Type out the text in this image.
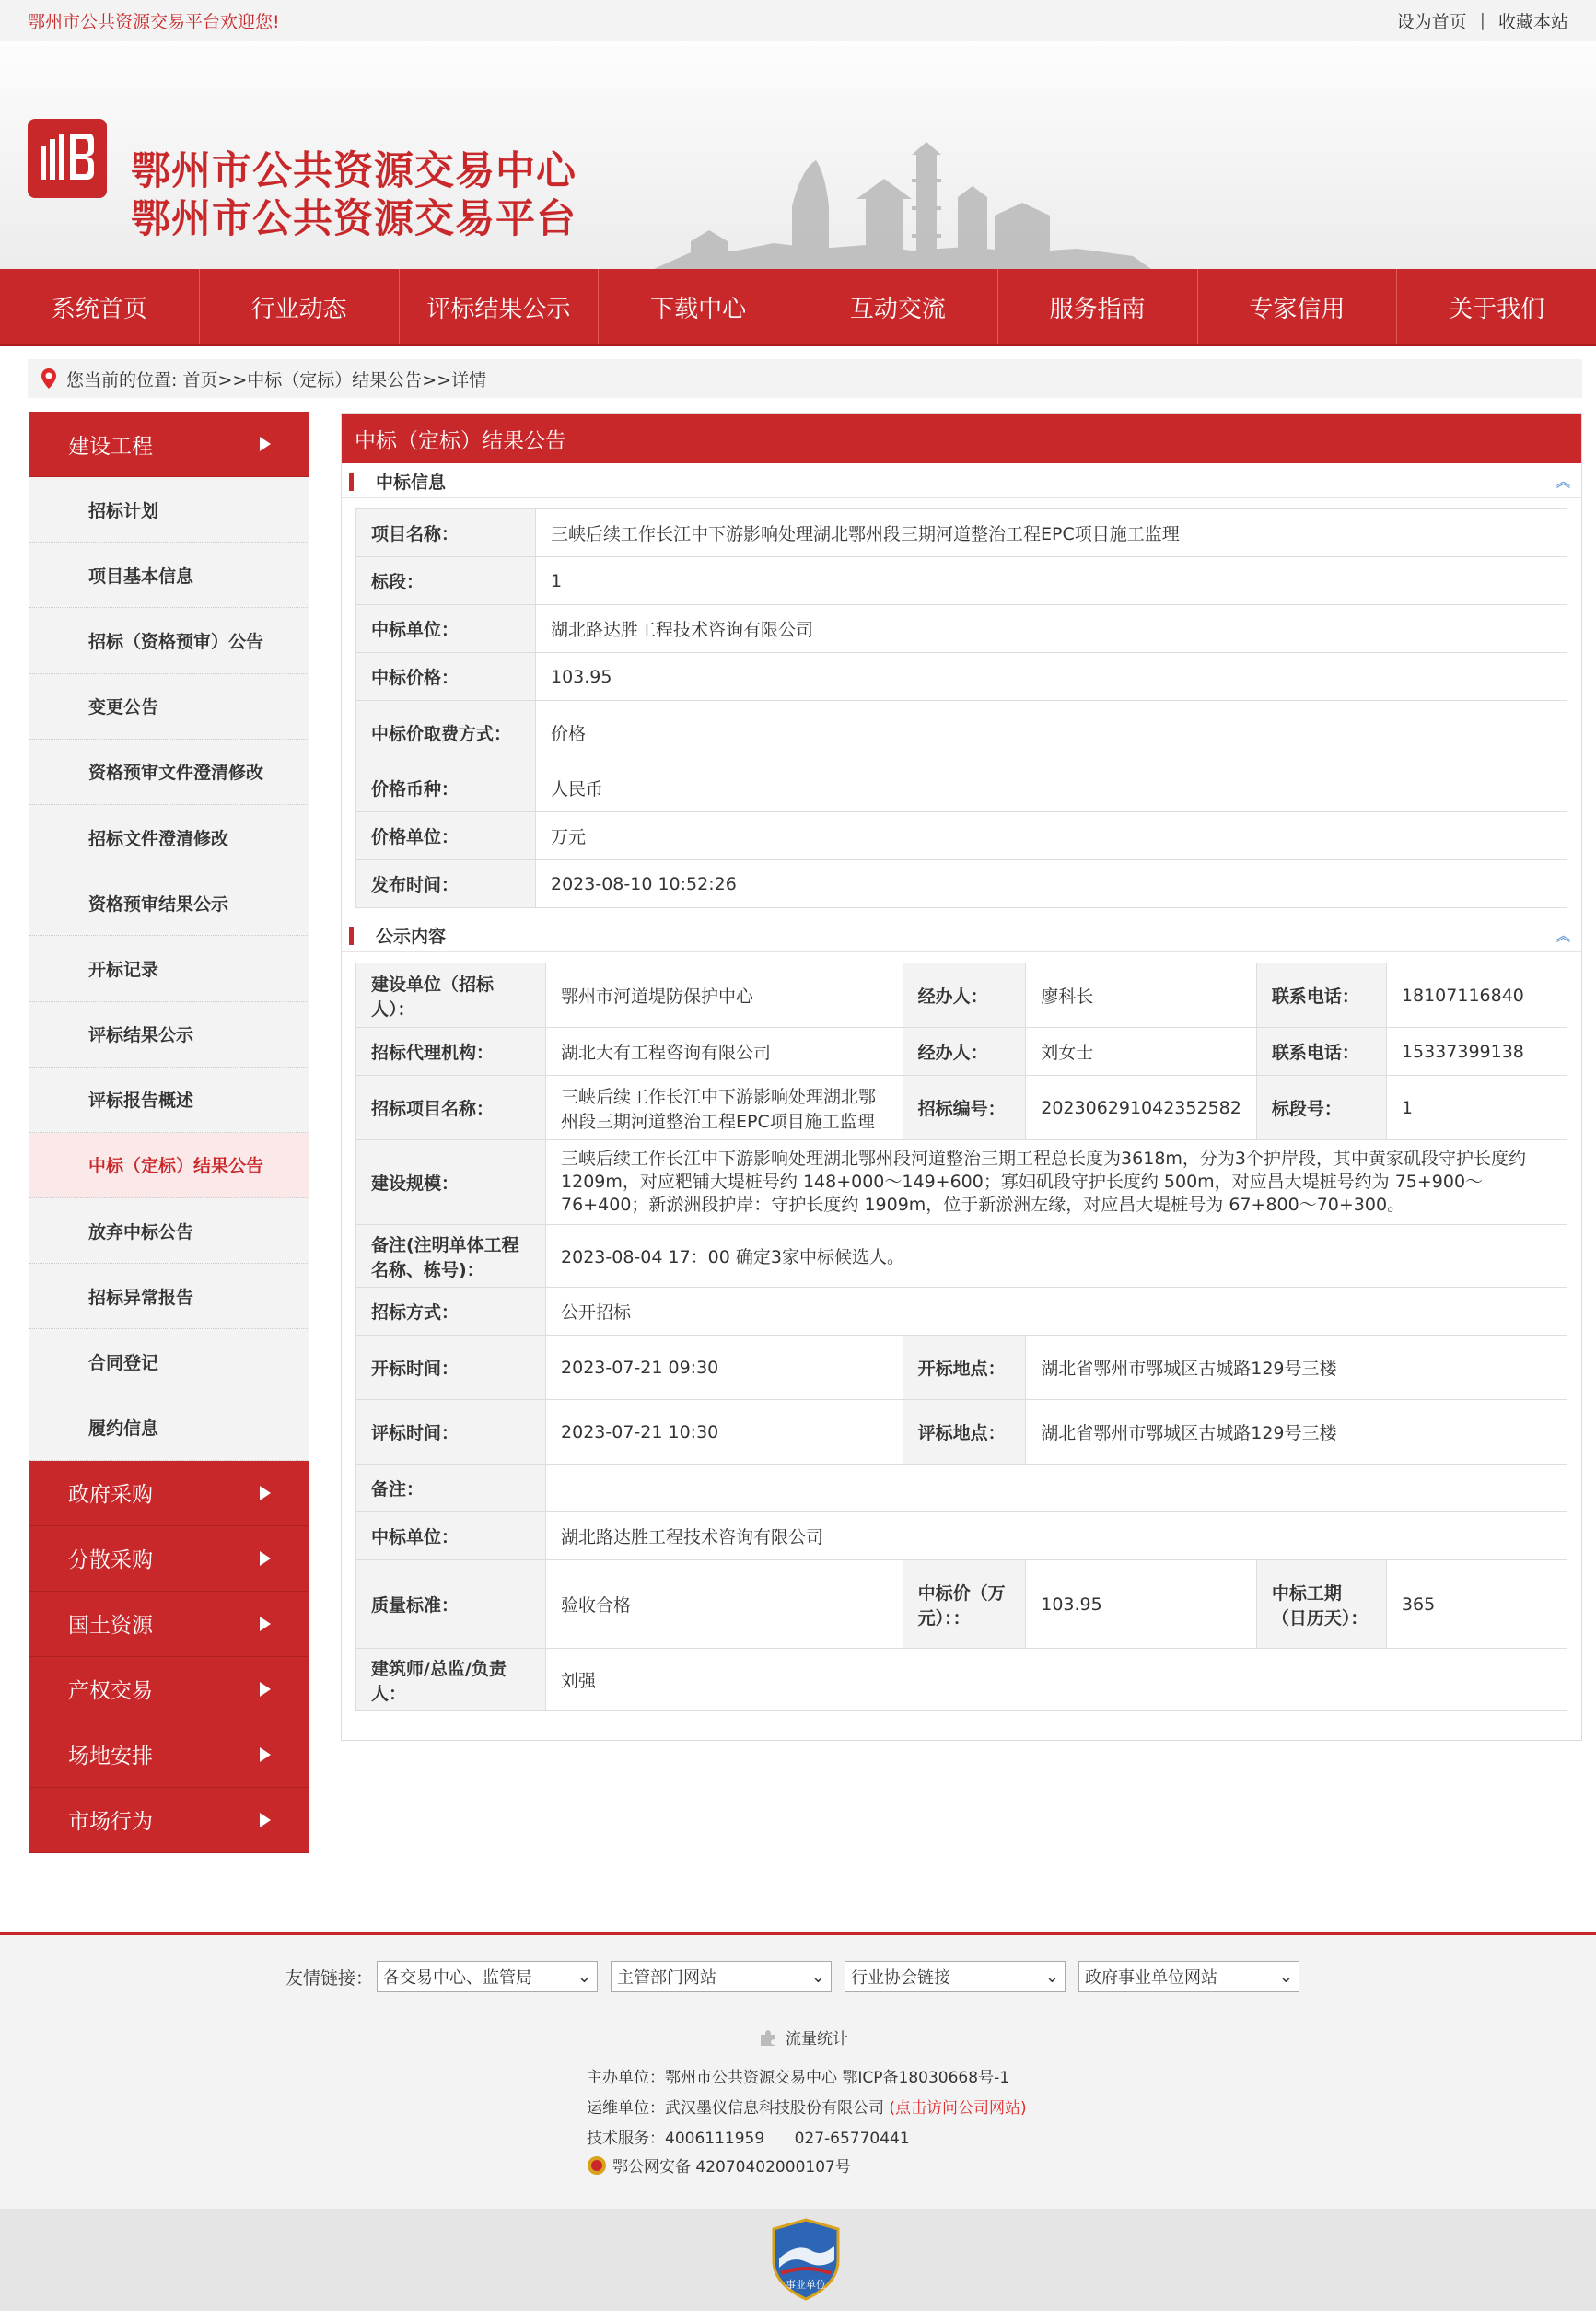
鄂州市公共资源交易平台欢迎您!	设为首页 | 收藏本站
鄂州市公共资源交易中心
鄂州市公共资源交易平台
系统首页	行业动态	评标结果公示	下载中心	互动交流	服务指南	专家信用	关于我们
您当前的位置: 首页>>中标（定标）结果公告>>详情
建设工程
招标计划
项目基本信息
招标（资格预审）公告
变更公告
资格预审文件澄清修改
招标文件澄清修改
资格预审结果公示
开标记录
评标结果公示
评标报告概述
中标（定标）结果公告
放弃中标公告
招标异常报告
合同登记
履约信息
政府采购
分散采购
国土资源
产权交易
场地安排
市场行为
中标（定标）结果公告
中标信息	︽
项目名称：	三峡后续工作长江中下游影响处理湖北鄂州段三期河道整治工程EPC项目施工监理
标段：	1
中标单位：	湖北路达胜工程技术咨询有限公司
中标价格：	103.95
中标价取费方式：	价格
价格币种：	人民币
价格单位：	万元
发布时间：	2023-08-10 10:52:26
公示内容	︽
建设单位（招标人）：	鄂州市河道堤防保护中心	经办人：	廖科长	联系电话：	18107116840
招标代理机构：	湖北大有工程咨询有限公司	经办人：	刘女士	联系电话：	15337399138
招标项目名称：	三峡后续工作长江中下游影响处理湖北鄂州段三期河道整治工程EPC项目施工监理	招标编号：	202306291042352582	标段号：	1
建设规模：	三峡后续工作长江中下游影响处理湖北鄂州段河道整治三期工程总长度为3618m，分为3个护岸段，其中黄家矶段守护长度约 1209m，对应粑铺大堤桩号约 148+000～149+600；寡妇矶段守护长度约 500m，对应昌大堤桩号约为 75+900～76+400；新淤洲段护岸：守护长度约 1909m，位于新淤洲左缘，对应昌大堤桩号为 67+800～70+300。				
备注(注明单体工程名称、栋号)：	2023-08-04 17：00 确定3家中标候选人。				
招标方式：	公开招标				
开标时间：	2023-07-21 09:30	开标地点：	湖北省鄂州市鄂城区古城路129号三楼		
评标时间：	2023-07-21 10:30	评标地点：	湖北省鄂州市鄂城区古城路129号三楼		
备注：					
中标单位：	湖北路达胜工程技术咨询有限公司				
质量标准：	验收合格	中标价（万元）：：	103.95	中标工期（日历天）：	365
建筑师/总监/负责人：	刘强				
友情链接： 各交易中心、监管局	⌄ 主管部门网站	⌄ 行业协会链接	⌄ 政府事业单位网站	⌄
流量统计
主办单位：鄂州市公共资源交易中心 鄂ICP备18030668号-1
运维单位：武汉墨仪信息科技股份有限公司 (点击访问公司网站)
技术服务：4006111959      027-65770441
鄂公网安备 42070402000107号
事业单位
